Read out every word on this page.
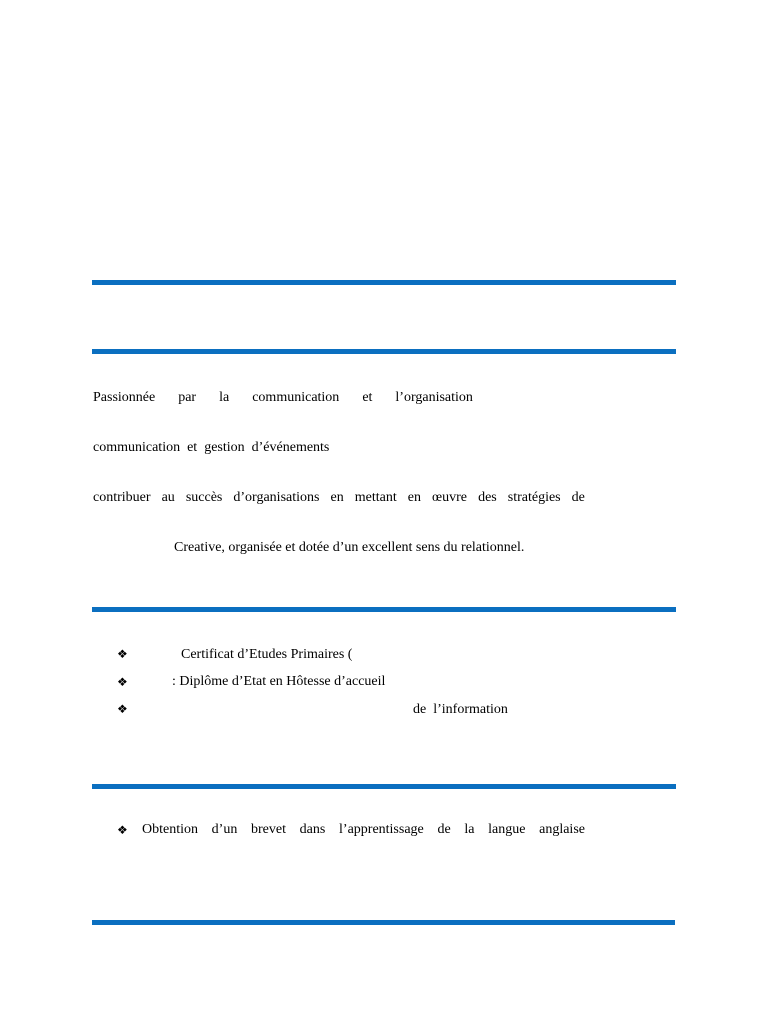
Passionnée par la communication et l’organisation
communication  et  gestion  d’événements
contribuer au succès d’organisations en mettant en œuvre des stratégies de
Creative, organisée et dotée d’un excellent sens du relationnel.
❖	Certificat d’Etudes Primaires (
❖	: Diplôme d’Etat en Hôtesse d’accueil
❖	de  l’information
❖ Obtention d’un brevet dans l’apprentissage de la langue anglaise
